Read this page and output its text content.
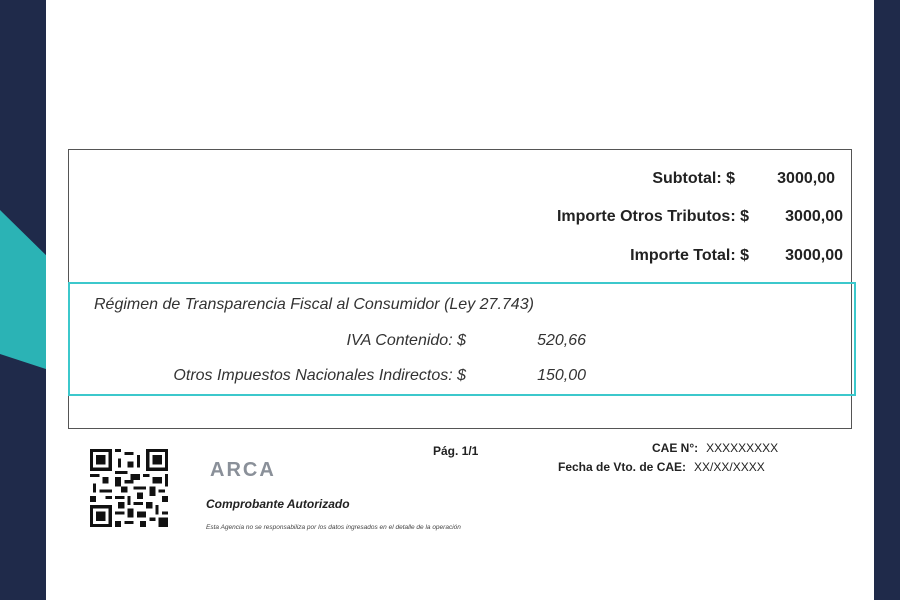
Subtotal: $	3000,00
Importe Otros Tributos: $	3000,00
Importe Total: $	3000,00
Régimen de Transparencia Fiscal al Consumidor (Ley 27.743)
IVA Contenido: $	520,66
Otros Impuestos Nacionales Indirectos: $	150,00
ARCA
Comprobante Autorizado
Esta Agencia no se responsabiliza por los datos ingresados en el detalle de la operación
Pág. 1/1	CAE N°: XXXXXXXXX
Fecha de Vto. de CAE: XX/XX/XXXX
